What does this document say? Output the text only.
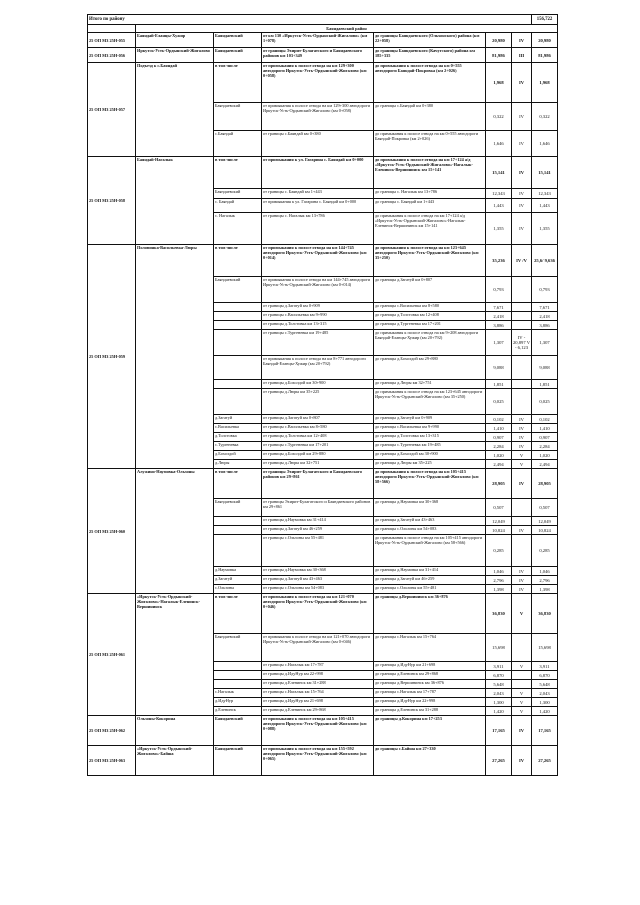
Итого по району							156,722
	Баяндаевский район						
25 ОП МЗ 25Н-055	Баяндай-Еланцы-Хужир	Баяндаевский	от км 130 «Иркутск-Усть-Ордынский-Жигалово» (км 1+078)	до границы Баяндаевского (Ольхонского) района (км 22+058)	20,980	IV	20,980
25 ОП МЗ 25Н-056	Иркутск-Усть-Ордынский-Жигалово	Баяндаевский	от границы Эхирит-Булагатского и Баяндаевского районов км 103+349	до границы Баяндаевского (Качугского) района км 185+335	81,986	III	81,986
25 ОП МЗ 25Н-057	Подъезд к с.Баяндай	в том числе	от примыкания к полосе отвода на км 129+300 автодороги Иркутск-Усть-Ордынский-Жигалово (км 0+058)	до примыкания к полосе отвода на км 0+555 автодороги Баяндай-Покровка (км 2+026)	1,968	IV	1,968
		Баяндаевский	от примыкания к полосе отвода на км 129+300 автодороги Иркутск-Усть-Ордынский-Жигалово (км 0+058)	до границы с.Баяндай км 0+380	0,322	IV	0,322
		с.Баяндай	от границы с.Баяндай км 0+380	до примыкания к полосе отвода на км 0+555 автодороги Баяндай-Покровка (км 2+026)	1,646	IV	1,646
25 ОП МЗ 25Н-058	Баяндай-Нагалык	в том числе	от примыкания к ул. Гагарина с. Баяндай км 0+000	до примыкания к полосе отвода на км 17+124 а/д «Иркутск-Усть-Ордынский-Жигалово»-Нагалык-Еленинск-Вершининск км 15+141	15,141	IV	15,141
		Баяндаевский	от границы с. Баяндай км 1+443	до границы с. Нагалык км 13+786	12,343	IV	12,343
		с. Баяндай	от примыкания к ул. Гагарина с. Баяндай км 0+000	до границы с. Баяндай км 1+443	1,443	IV	1,443
		с. Нагалык	от границы с. Нагалык км 13+786	до примыкания к полосе отвода на км 17+124 а/д «Иркутск-Усть-Ордынский-Жигалово»-Нагалык-Еленинск-Вершининск км 15+141	1,355	IV	1,355
25 ОП МЗ 25Н-059	Половинка-Васильевка-Люры	в том числе	от примыкания к полосе отвода на км 144+745 автодороги Иркутск-Усть-Ордынский-Жигалово (км 0+014)	до примыкания к полосе отвода на км 123+645 автодороги Иркутск-Усть-Ордынский-Жигалово (км 35+250)	35,236	IV /V	25,6/ 9,636
		Баяндаевский	от примыкания к полосе отвода на км 144+745 автодороги Иркутск-Усть-Ордынский-Жигалово (км 0+014)	до границы д.Загатуй км 0+807	0,793		0,793
			от границы д.Загатуй км 0+909	до границы с.Васильевка км 8+580	7,671		7,671
			от границы с.Васильевка км 9+990	до границы д.Толстовка км 12+408	2,418		2,418
			от границы д.Толстовка км 13+315	до границы д.Тургеневка км 17+201	3,886		3,886
			от границы с.Тургеневка км 19+485	до примыкания к полосе отвода на км 9+208 автодороги Баяндай-Еланцы-Хужир (км 20+792)	1,307	IV - 20,897 V - 6,123	1,307
			от примыкания к полосе отвода на км 8+771 автодороги Баяндай-Еланцы-Хужир (км 20+792)	до границы д.Бохолдой км 29+880	9,088		9,088
			от границы д.Бохолдой км 30+900	до границы д.Люры км 32+751	1,851		1,851
			от границы д.Люры км 35+225	до примыкания к полосе отвода на км 123+645 автодороги Иркутск-Усть-Ордынский-Жигалово (км 35+250)	0,025		0,025
		д.Загатуй	от границы д.Загатуй км 0+807	до границы д.Загатуй км 0+909	0,102	IV	0,102
		с.Васильевка	от границы с.Васильевка км 8+580	до границы с.Васильевка км 9+990	1,410	IV	1,410
		д.Толстовка	от границы д.Толстовка км 12+408	до границы д.Толстовка км 13+315	0,907	IV	0,907
		с.Тургеневка	от границы с.Тургеневка км 17+201	до границы с.Тургеневка км 19+485	2,284	IV	2,284
		д.Бохолдой	от границы д.Бохолдой км 29+880	до границы д.Бохолдой км 30+900	1,020	V	1,020
		д.Люры	от границы д.Люры км 32+751	до границы д.Люры км 35+225	2,494	V	2,494
25 ОП МЗ 25Н-060	Алужино-Наумовка-Ользоны	в том числе	от границы Эхирит-Булагатского и Баяндаевского районов км 29+861	до примыкания к полосе отвода на км 105+415 автодороги Иркутск-Усть-Ордынский-Жигалово (км 58+566)	28,905	IV	28,905
		Баяндаевский	от границы Эхирит-Булагатского и Баяндаевского районов км 29+861	до границы д.Наумовка км 30+368	0,507		0,507
			от границы д.Наумовка км 31+414	до границы д.Загатуй км 43+463	12,049		12,049
			от границы д.Загатуй км 46+259	до границы с.Ользоны км 54+083	10,824	IV	10,824
			от границы с.Ользоны км 55+481	до примыкания к полосе отвода на км 105+415 автодороги Иркутск-Усть-Ордынский-Жигалово (км 58+566)	0,285		0,285
		д.Наумовка	от границы д.Наумовка км 30+368	до границы д.Наумовка км 31+414	1,046	IV	1,046
		д.Загатуй	от границы д.Загатуй км 43+463	до границы д.Загатуй км 46+259	2,796	IV	2,796
		с.Ользоны	от границы с.Ользоны км 54+083	до границы с.Ользоны км 55+481	1,398	IV	1,398
25 ОП МЗ 25Н-061	«Иркутск-Усть-Ордынский-Жигалово»-Нагалык-Еленинск-Вершининск	в том числе	от примыкания к полосе отвода на км 121+070 автодороги Иркутск-Усть-Ордынский-Жигалово (км 0+046)	до границы д.Вершининск км 36+876	36,830	V	36,830
		Баяндаевский	от примыкания к полосе отвода на км 121+070 автодороги Иркутск-Усть-Ордынский-Жигалово (км 0+046)	до границы с.Нагалык км 15+764	15,698		15,698
			от границы с.Нагалык км 17+787	до границы д.ИдуНур км 21+698	3,911	V	3,911
			от границы д.ИдуНур км 22+998	до границы д.Еленинск км 29+868	6,870		6,870
			от границы д.Еленинск км 31+288	до границы д.Вершининск км 36+876	5,648		5,648
		с.Нагалык	от границы с.Нагалык км 15+764	до границы с.Нагалык км 17+787	2,043	V	2,043
		д.ИдуНур	от границы д.ИдуНур км 21+698	до границы д.ИдуНур км 22+998	1,300	V	1,300
		д.Еленинск	от границы д.Еленинск км 29+868	до границы д.Еленинск км 31+288	1,420	V	1,420
25 ОП МЗ 25Н-062	Ользоны-Кокорина	Баяндаевский	от примыкания к полосе отвода на км 105+415 автодороги Иркутск-Усть-Ордынский-Жигалово (км 0+088)	до границы д.Кокорина км 17+253	17,165	IV	17,165
25 ОП МЗ 25Н-063	«Иркутск-Усть-Ордынский-Жигалово»-Байша	Баяндаевский	от примыкания к полосе отвода на км 155+592 автодороги Иркутск-Усть-Ордынский-Жигалово (км 0+065)	до границы с.Байша км 27+330	27,265	IV	27,265
